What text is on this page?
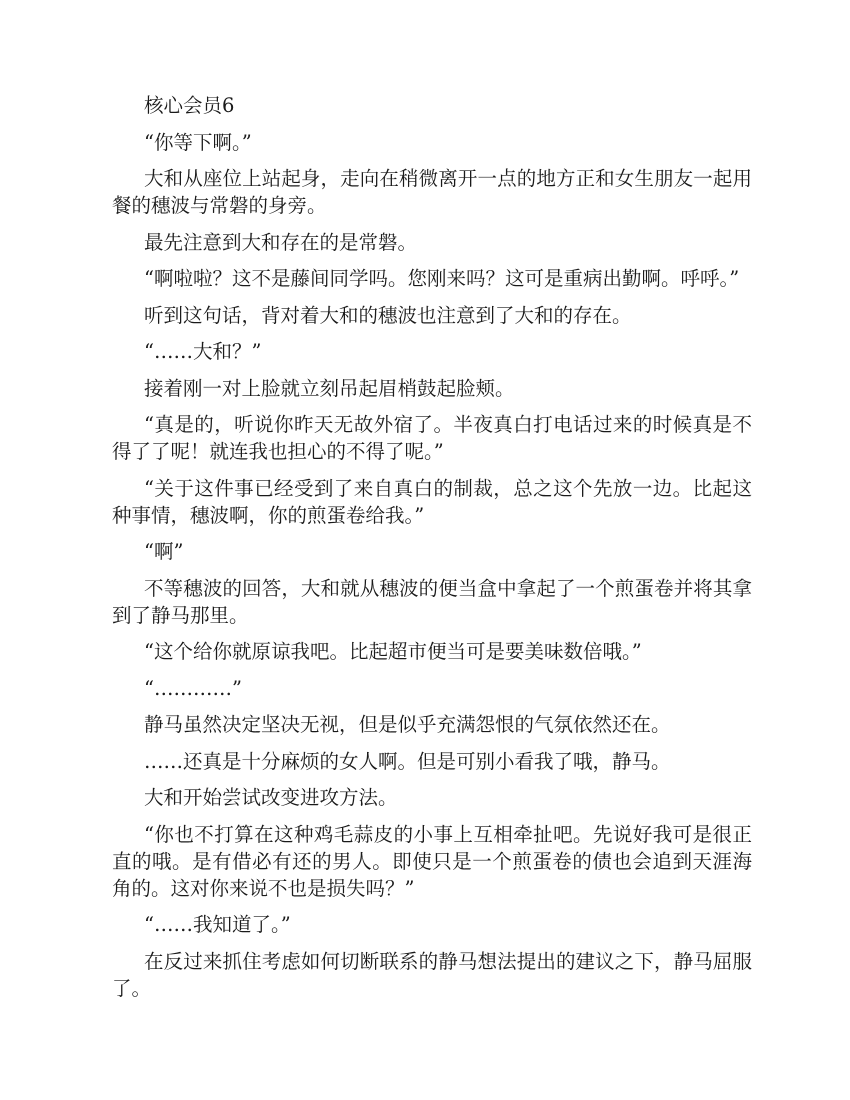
核心会员6

“你等下啊。”

大和从座位上站起身，走向在稍微离开一点的地方正和女生朋友一起用餐的穗波与常磐的身旁。

最先注意到大和存在的是常磐。

“啊啦啦？这不是藤间同学吗。您刚来吗？这可是重病出勤啊。呼呼。”

听到这句话，背对着大和的穗波也注意到了大和的存在。

“……大和？”

接着刚一对上脸就立刻吊起眉梢鼓起脸颊。

“真是的，听说你昨天无故外宿了。半夜真白打电话过来的时候真是不得了了呢！就连我也担心的不得了呢。”

“关于这件事已经受到了来自真白的制裁，总之这个先放一边。比起这种事情，穗波啊，你的煎蛋卷给我。”

“啊”

不等穗波的回答，大和就从穗波的便当盒中拿起了一个煎蛋卷并将其拿到了静马那里。

“这个给你就原谅我吧。比起超市便当可是要美味数倍哦。”

“…………”

静马虽然决定坚决无视，但是似乎充满怨恨的气氛依然还在。

……还真是十分麻烦的女人啊。但是可别小看我了哦，静马。

大和开始尝试改变进攻方法。

“你也不打算在这种鸡毛蒜皮的小事上互相牵扯吧。先说好我可是很正直的哦。是有借必有还的男人。即使只是一个煎蛋卷的债也会追到天涯海角的。这对你来说不也是损失吗？”

“……我知道了。”

在反过来抓住考虑如何切断联系的静马想法提出的建议之下，静马屈服了。
